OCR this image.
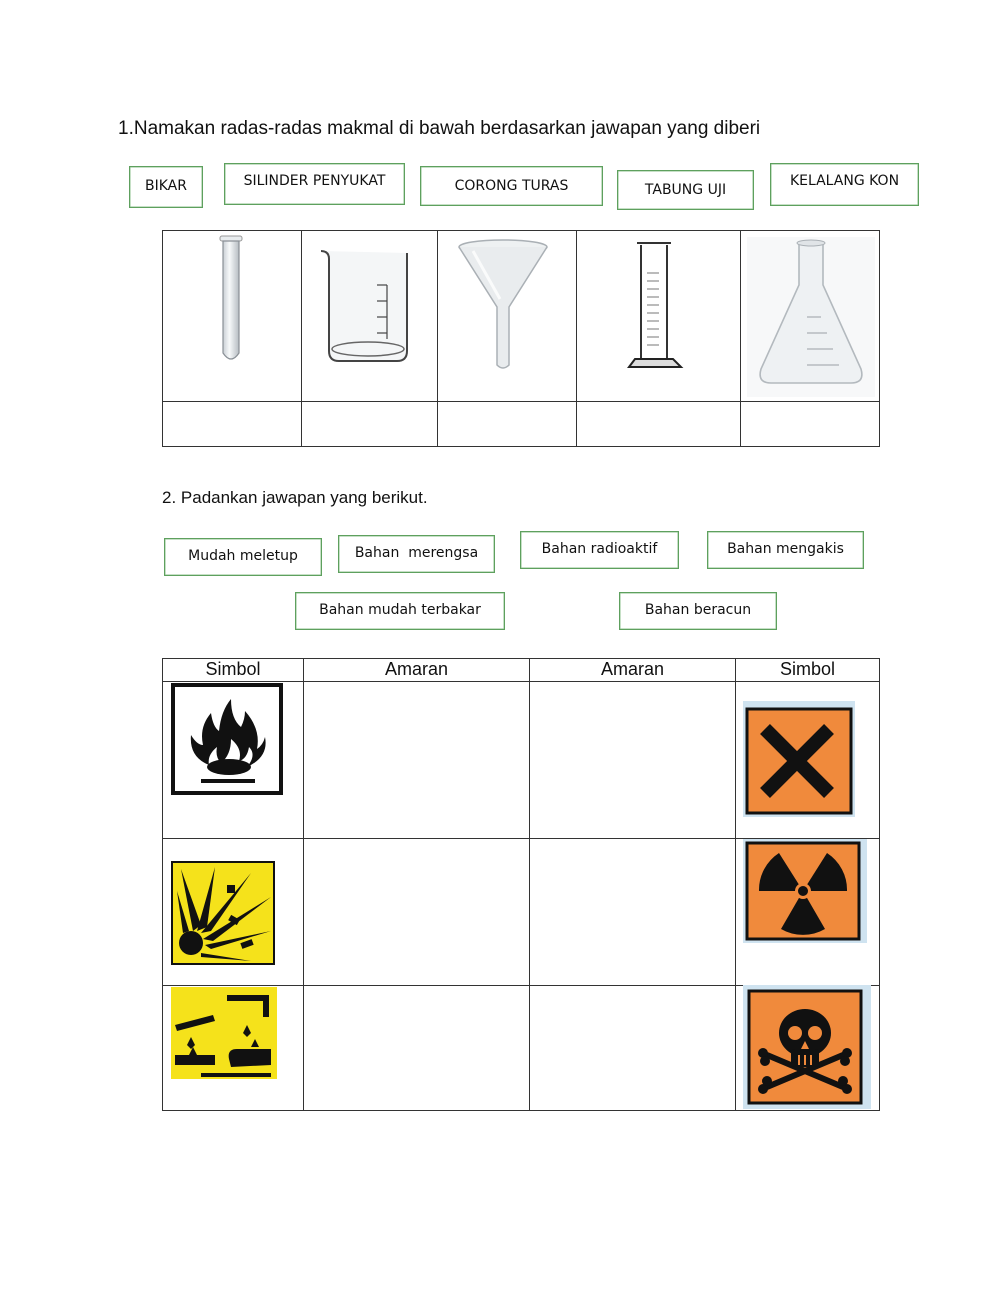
1.Namakan radas-radas makmal di bawah berdasarkan jawapan yang diberi
BIKAR	SILINDER PENYUKAT	CORONG TURAS	TABUNG UJI
KELALANG KON
2. Padankan jawapan yang berikut.
Mudah meletup	Bahan  merengsa	Bahan radioaktif	Bahan mengakis
Bahan mudah terbakar	Bahan beracun
Simbol	Amaran	Amaran	Simbol
